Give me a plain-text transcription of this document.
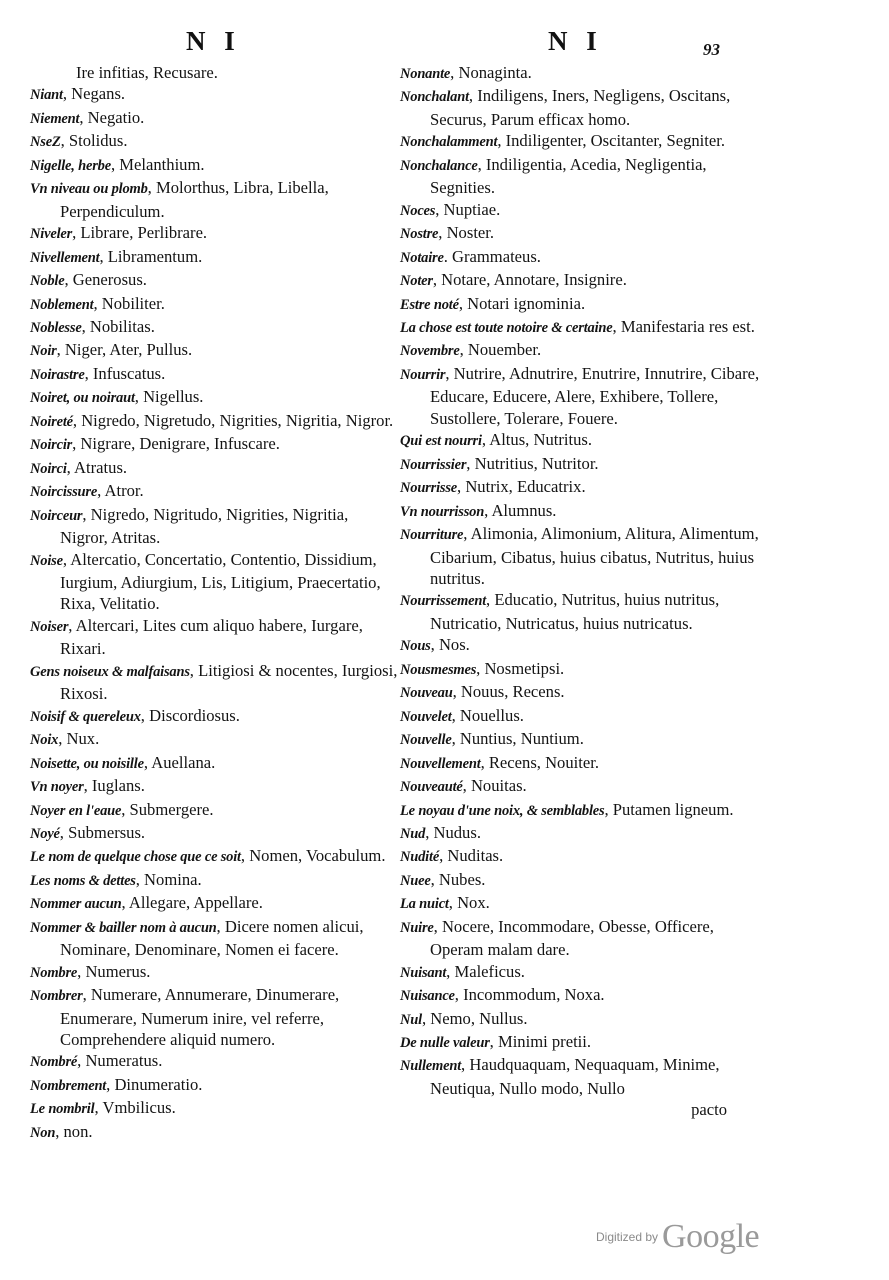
N I	N I	93

Ire infitias, Recusare.

Niant, Negans.

Niement, Negatio.

NseZ, Stolidus.

Nigelle, herbe, Melanthium.

Vn niveau ou plomb, Molorthus, Libra, Libella, Perpendiculum.

Niveler, Librare, Perlibrare.

Nivellement, Libramentum.

Noble, Generosus.

Noblement, Nobiliter.

Noblesse, Nobilitas.

Noir, Niger, Ater, Pullus.

Noirastre, Infuscatus.

Noiret, ou noiraut, Nigellus.

Noireté, Nigredo, Nigretudo, Nigrities, Nigritia, Nigror.

Noircir, Nigrare, Denigrare, Infuscare.

Noirci, Atratus.

Noircissure, Atror.

Noirceur, Nigredo, Nigritudo, Nigrities, Nigritia, Nigror, Atritas.

Noise, Altercatio, Concertatio, Contentio, Dissidium, Iurgium, Adiurgium, Lis, Litigium, Praecertatio, Rixa, Velitatio.

Noiser, Altercari, Lites cum aliquo habere, Iurgare, Rixari.

Gens noiseux & malfaisans, Litigiosi & nocentes, Iurgiosi, Rixosi.

Noisif & quereleux, Discordiosus.

Noix, Nux.

Noisette, ou noisille, Auellana.

Vn noyer, Iuglans.

Noyer en l'eaue, Submergere.

Noyé, Submersus.

Le nom de quelque chose que ce soit, Nomen, Vocabulum.

Les noms & dettes, Nomina.

Nommer aucun, Allegare, Appellare.

Nommer & bailler nom à aucun, Dicere nomen alicui, Nominare, Denominare, Nomen ei facere.

Nombre, Numerus.

Nombrer, Numerare, Annumerare, Dinumerare, Enumerare, Numerum inire, vel referre, Comprehendere aliquid numero.

Nombré, Numeratus.

Nombrement, Dinumeratio.

Le nombril, Vmbilicus.

Non, non.

Nonante, Nonaginta.

Nonchalant, Indiligens, Iners, Negligens, Oscitans, Securus, Parum efficax homo.

Nonchalamment, Indiligenter, Oscitanter, Segniter.

Nonchalance, Indiligentia, Acedia, Negligentia, Segnities.

Noces, Nuptiae.

Nostre, Noster.

Notaire. Grammateus.

Noter, Notare, Annotare, Insignire.

Estre noté, Notari ignominia.

La chose est toute notoire & certaine, Manifestaria res est.

Novembre, Nouember.

Nourrir, Nutrire, Adnutrire, Enutrire, Innutrire, Cibare, Educare, Educere, Alere, Exhibere, Tollere, Sustollere, Tolerare, Fouere.

Qui est nourri, Altus, Nutritus.

Nourrissier, Nutritius, Nutritor.

Nourrisse, Nutrix, Educatrix.

Vn nourrisson, Alumnus.

Nourriture, Alimonia, Alimonium, Alitura, Alimentum, Cibarium, Cibatus, huius cibatus, Nutritus, huius nutritus.

Nourrissement, Educatio, Nutritus, huius nutritus, Nutricatio, Nutricatus, huius nutricatus.

Nous, Nos.

Nousmesmes, Nosmetipsi.

Nouveau, Nouus, Recens.

Nouvelet, Nouellus.

Nouvelle, Nuntius, Nuntium.

Nouvellement, Recens, Nouiter.

Nouveauté, Nouitas.

Le noyau d'une noix, & semblables, Putamen ligneum.

Nud, Nudus.

Nudité, Nuditas.

Nuee, Nubes.

La nuict, Nox.

Nuire, Nocere, Incommodare, Obesse, Officere, Operam malam dare.

Nuisant, Maleficus.

Nuisance, Incommodum, Noxa.

Nul, Nemo, Nullus.

De nulle valeur, Minimi pretii.

Nullement, Haudquaquam, Nequaquam, Minime, Neutiqua, Nullo modo, Nullo

pacto
Digitized by Google
